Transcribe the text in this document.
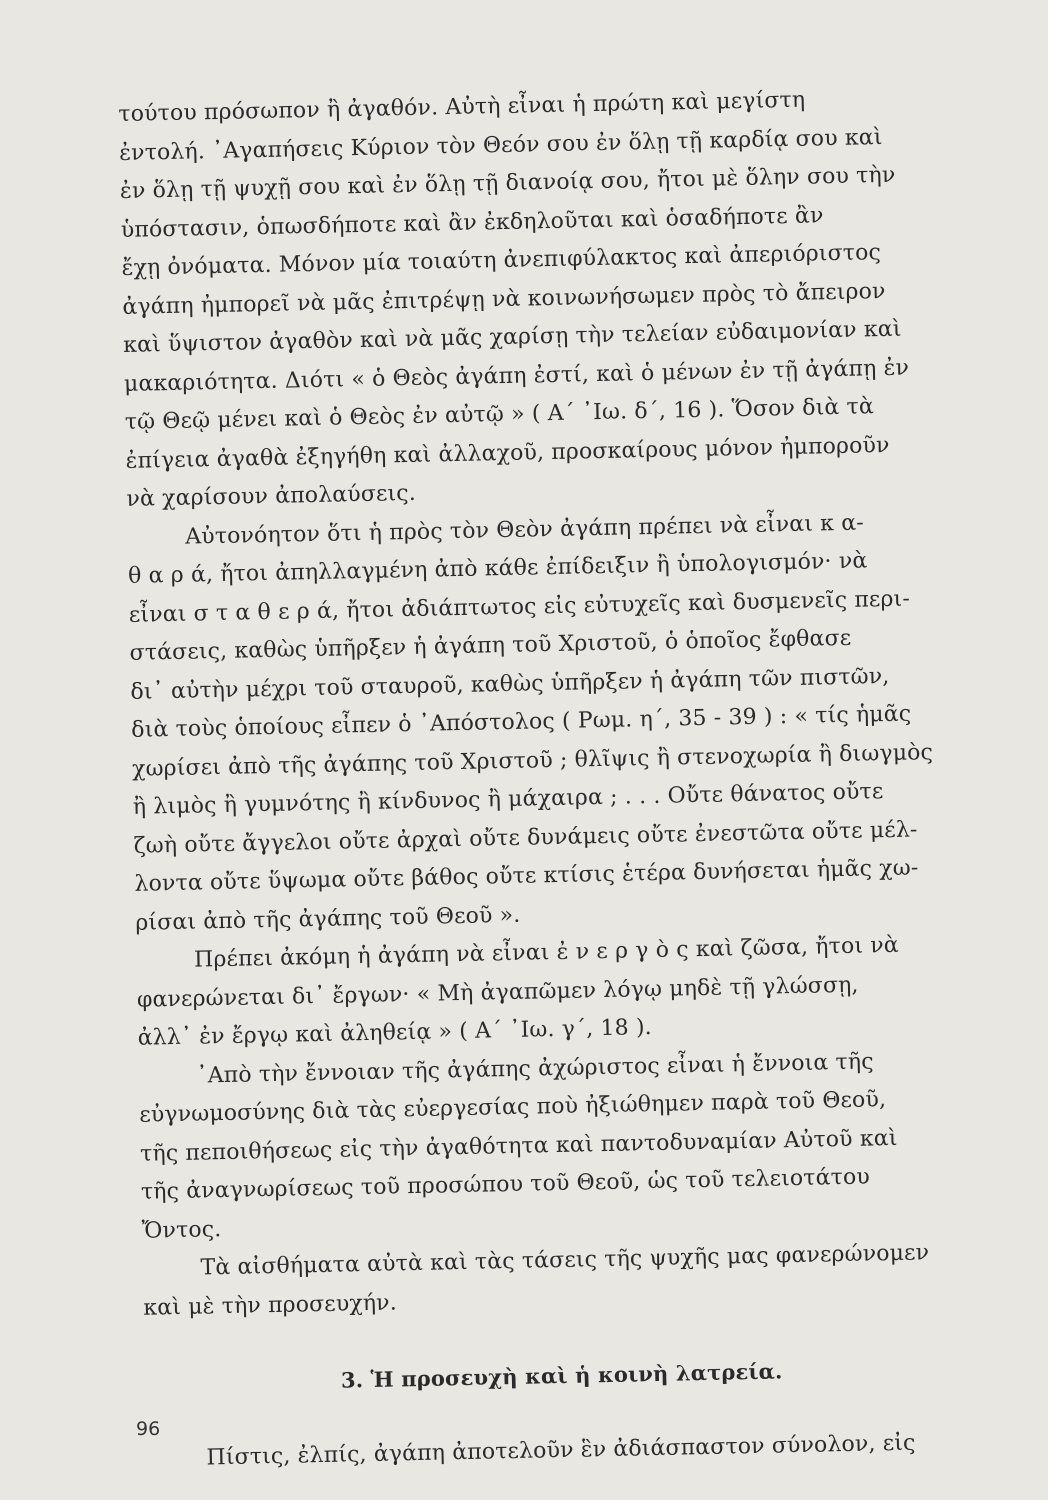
τούτου πρόσωπον ἢ ἀγαθόν. Αὐτὴ εἶναι ἡ πρώτη καὶ μεγίστη
ἐντολή. ᾿Αγαπήσεις Κύριον τὸν Θεόν σου ἐν ὅλῃ τῇ καρδίᾳ σου καὶ
ἐν ὅλῃ τῇ ψυχῇ σου καὶ ἐν ὅλῃ τῇ διανοίᾳ σου, ἤτοι μὲ ὅλην σου τὴν
ὑπόστασιν, ὁπωσδήποτε καὶ ἂν ἐκδηλοῦται καὶ ὁσαδήποτε ἂν
ἔχῃ ὀνόματα. Μόνον μία τοιαύτη ἀνεπιφύλακτος καὶ ἀπεριόριστος
ἀγάπη ἠμπορεῖ νὰ μᾶς ἐπιτρέψῃ νὰ κοινωνήσωμεν πρὸς τὸ ἄπειρον
καὶ ὕψιστον ἀγαθὸν καὶ νὰ μᾶς χαρίσῃ τὴν τελείαν εὐδαιμονίαν καὶ
μακαριότητα. Διότι « ὁ Θεὸς ἀγάπη ἐστί, καὶ ὁ μένων ἐν τῇ ἀγάπῃ ἐν
τῷ Θεῷ μένει καὶ ὁ Θεὸς ἐν αὐτῷ » ( Α΄ ᾿Ιω. δ΄, 16 ). Ὅσον διὰ τὰ
ἐπίγεια ἀγαθὰ ἐξηγήθη καὶ ἀλλαχοῦ, προσκαίρους μόνον ἠμποροῦν
νὰ χαρίσουν ἀπολαύσεις.
Αὐτονόητον ὅτι ἡ πρὸς τὸν Θεὸν ἀγάπη πρέπει νὰ εἶναι κ α-
θ α ρ ά, ἤτοι ἀπηλλαγμένη ἀπὸ κάθε ἐπίδειξιν ἢ ὑπολογισμόν· νὰ
εἶναι σ τ α θ ε ρ ά, ἤτοι ἀδιάπτωτος εἰς εὐτυχεῖς καὶ δυσμενεῖς περι-
στάσεις, καθὼς ὑπῆρξεν ἡ ἀγάπη τοῦ Χριστοῦ, ὁ ὁποῖος ἔφθασε
δι᾿ αὐτὴν μέχρι τοῦ σταυροῦ, καθὼς ὑπῆρξεν ἡ ἀγάπη τῶν πιστῶν,
διὰ τοὺς ὁποίους εἶπεν ὁ ᾿Απόστολος ( Ρωμ. η΄, 35 - 39 ) : « τίς ἡμᾶς
χωρίσει ἀπὸ τῆς ἀγάπης τοῦ Χριστοῦ ; θλῖψις ἢ στενοχωρία ἢ διωγμὸς
ἢ λιμὸς ἢ γυμνότης ἢ κίνδυνος ἢ μάχαιρα ; . . . Οὔτε θάνατος οὔτε
ζωὴ οὔτε ἄγγελοι οὔτε ἀρχαὶ οὔτε δυνάμεις οὔτε ἐνεστῶτα οὔτε μέλ-
λοντα οὔτε ὕψωμα οὔτε βάθος οὔτε κτίσις ἑτέρα δυνήσεται ἡμᾶς χω-
ρίσαι ἀπὸ τῆς ἀγάπης τοῦ Θεοῦ ».
Πρέπει ἀκόμη ἡ ἀγάπη νὰ εἶναι ἐ ν ε ρ γ ὸ ς καὶ ζῶσα, ἤτοι νὰ
φανερώνεται δι᾿ ἔργων· « Μὴ ἀγαπῶμεν λόγῳ μηδὲ τῇ γλώσσῃ,
ἀλλ᾿ ἐν ἔργῳ καὶ ἀληθείᾳ » ( Α΄ ᾿Ιω. γ΄, 18 ).
᾿Απὸ τὴν ἔννοιαν τῆς ἀγάπης ἀχώριστος εἶναι ἡ ἔννοια τῆς
εὐγνωμοσύνης διὰ τὰς εὐεργεσίας ποὺ ἠξιώθημεν παρὰ τοῦ Θεοῦ,
τῆς πεποιθήσεως εἰς τὴν ἀγαθότητα καὶ παντοδυναμίαν Αὐτοῦ καὶ
τῆς ἀναγνωρίσεως τοῦ προσώπου τοῦ Θεοῦ, ὡς τοῦ τελειοτάτου
Ὄντος.
Τὰ αἰσθήματα αὐτὰ καὶ τὰς τάσεις τῆς ψυχῆς μας φανερώνομεν
καὶ μὲ τὴν προσευχήν.
3. Ἡ προσευχὴ καὶ ἡ κοινὴ λατρεία.
Πίστις, ἐλπίς, ἀγάπη ἀποτελοῦν ἓν ἀδιάσπαστον σύνολον, εἰς
96
